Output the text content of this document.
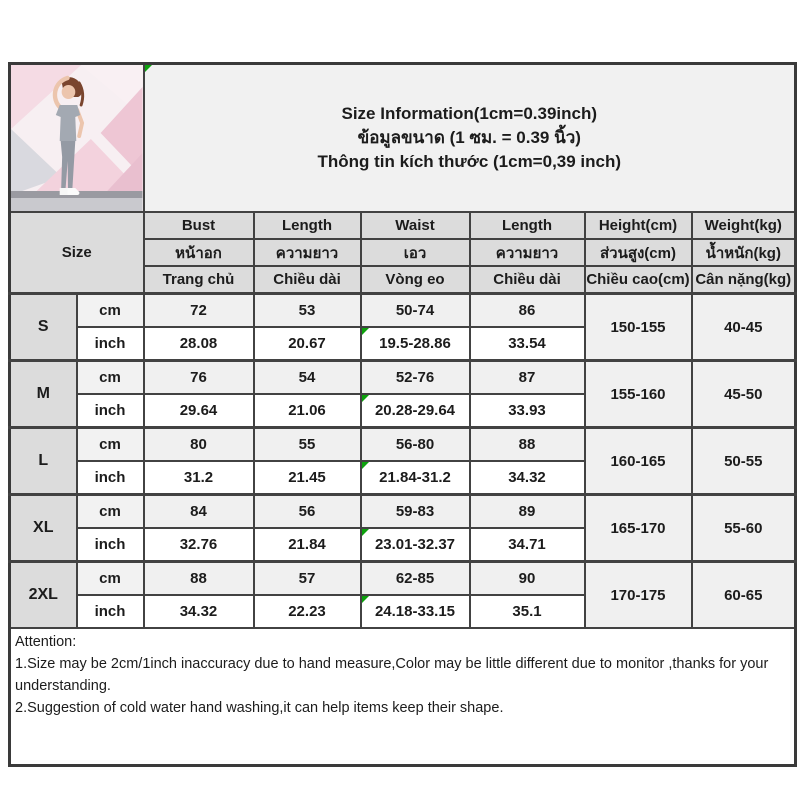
Size Information(1cm=0.39inch)
ข้อมูลขนาด (1 ซม. = 0.39 นิ้ว)
Thông tin kích thước (1cm=0,39 inch)					

Size		Bust	Length	Waist	Length	Height(cm)	Weight(kg)
		หน้าอก	ความยาว	เอว	ความยาว	ส่วนสูง(cm)	น้ำหนัก(kg)
		Trang chủ	Chiều dài	Vòng eo	Chiều dài	Chiều cao(cm)	Cân nặng(kg)
S	cm	72	53	50-74	86	150-155	40-45
	inch	28.08	20.67	19.5-28.86	33.54		
M	cm	76	54	52-76	87	155-160	45-50
	inch	29.64	21.06	20.28-29.64	33.93		
L	cm	80	55	56-80	88	160-165	50-55
	inch	31.2	21.45	21.84-31.2	34.32		
XL	cm	84	56	59-83	89	165-170	55-60
	inch	32.76	21.84	23.01-32.37	34.71		
2XL	cm	88	57	62-85	90	170-175	60-65
	inch	34.32	22.23	24.18-33.15	35.1		

Attention:
1.Size may be 2cm/1inch inaccuracy due to hand measure,Color may be little different due to monitor ,thanks for your understanding.
2.Suggestion of cold water hand washing,it can help items keep their shape.							
